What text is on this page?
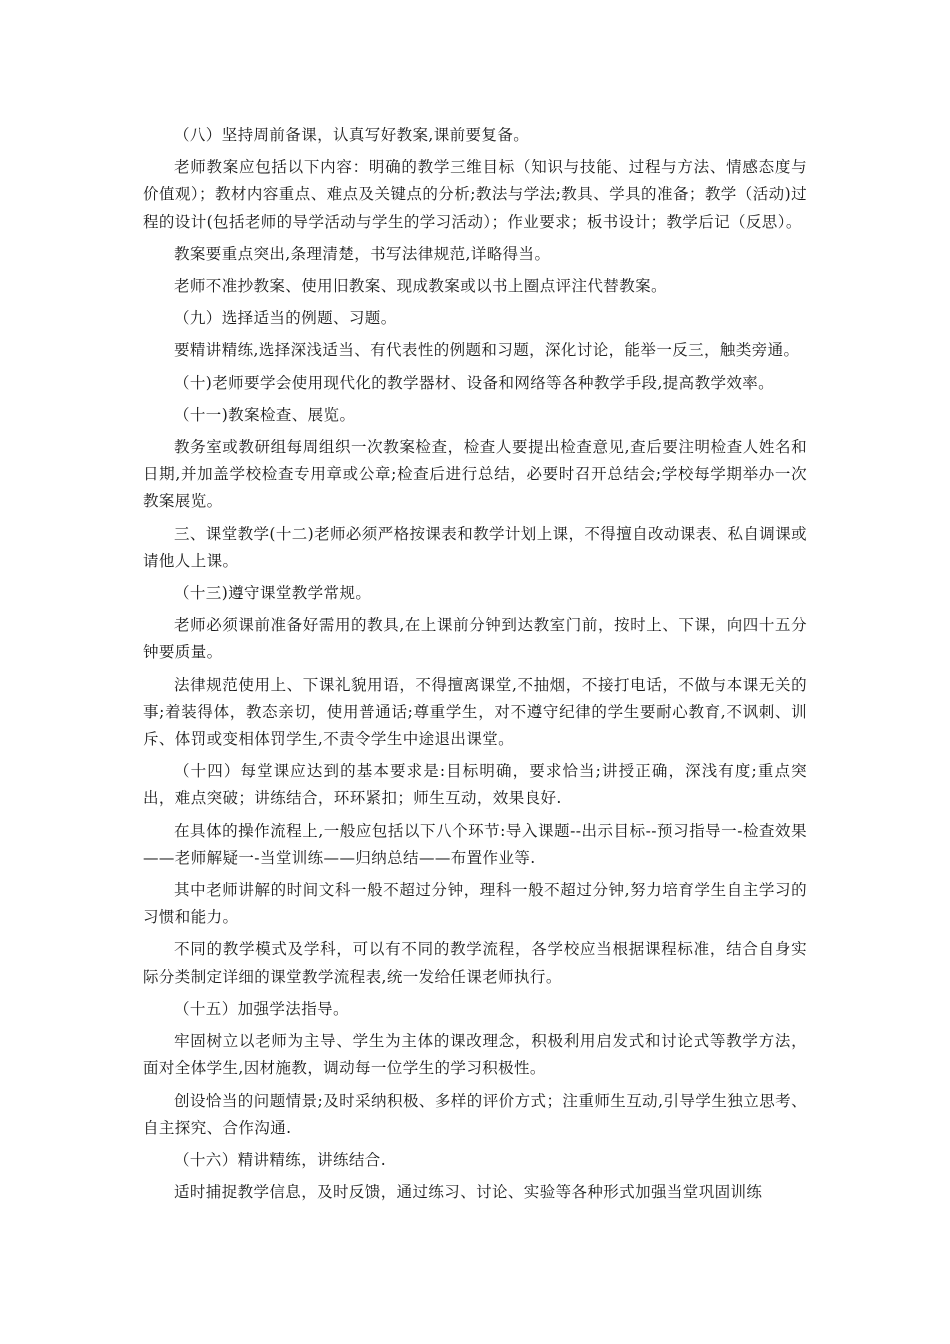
（八）坚持周前备课，认真写好教案,课前要复备。

老师教案应包括以下内容：明确的教学三维目标（知识与技能、过程与方法、情感态度与价值观）；教材内容重点、难点及关键点的分析;教法与学法;教具、学具的准备；教学（活动)过程的设计(包括老师的导学活动与学生的学习活动）；作业要求；板书设计；教学后记（反思）。

教案要重点突出,条理清楚，书写法律规范,详略得当。

老师不准抄教案、使用旧教案、现成教案或以书上圈点评注代替教案。

（九）选择适当的例题、习题。

要精讲精练,选择深浅适当、有代表性的例题和习题，深化讨论，能举一反三，触类旁通。

（十)老师要学会使用现代化的教学器材、设备和网络等各种教学手段,提高教学效率。

（十一)教案检查、展览。

教务室或教研组每周组织一次教案检查，检查人要提出检查意见,查后要注明检查人姓名和日期,并加盖学校检查专用章或公章;检查后进行总结，必要时召开总结会;学校每学期举办一次教案展览。

三、课堂教学(十二)老师必须严格按课表和教学计划上课，不得擅自改动课表、私自调课或请他人上课。

（十三)遵守课堂教学常规。

老师必须课前准备好需用的教具,在上课前分钟到达教室门前，按时上、下课，向四十五分钟要质量。

法律规范使用上、下课礼貌用语，不得擅离课堂,不抽烟，不接打电话，不做与本课无关的事;着装得体，教态亲切，使用普通话;尊重学生，对不遵守纪律的学生要耐心教育,不讽刺、训斥、体罚或变相体罚学生,不责令学生中途退出课堂。

（十四）每堂课应达到的基本要求是:目标明确，要求恰当;讲授正确，深浅有度;重点突出，难点突破；讲练结合，环环紧扣；师生互动，效果良好.

在具体的操作流程上,一般应包括以下八个环节:导入课题--出示目标--预习指导一-检查效果——老师解疑一-当堂训练——归纳总结——布置作业等.

其中老师讲解的时间文科一般不超过分钟，理科一般不超过分钟,努力培育学生自主学习的习惯和能力。

不同的教学模式及学科，可以有不同的教学流程，各学校应当根据课程标准，结合自身实际分类制定详细的课堂教学流程表,统一发给任课老师执行。

（十五）加强学法指导。

牢固树立以老师为主导、学生为主体的课改理念，积极利用启发式和讨论式等教学方法，面对全体学生,因材施教，调动每一位学生的学习积极性。

创设恰当的问题情景;及时采纳积极、多样的评价方式；注重师生互动,引导学生独立思考、自主探究、合作沟通.

（十六）精讲精练，讲练结合.

适时捕捉教学信息，及时反馈，通过练习、讨论、实验等各种形式加强当堂巩固训练
